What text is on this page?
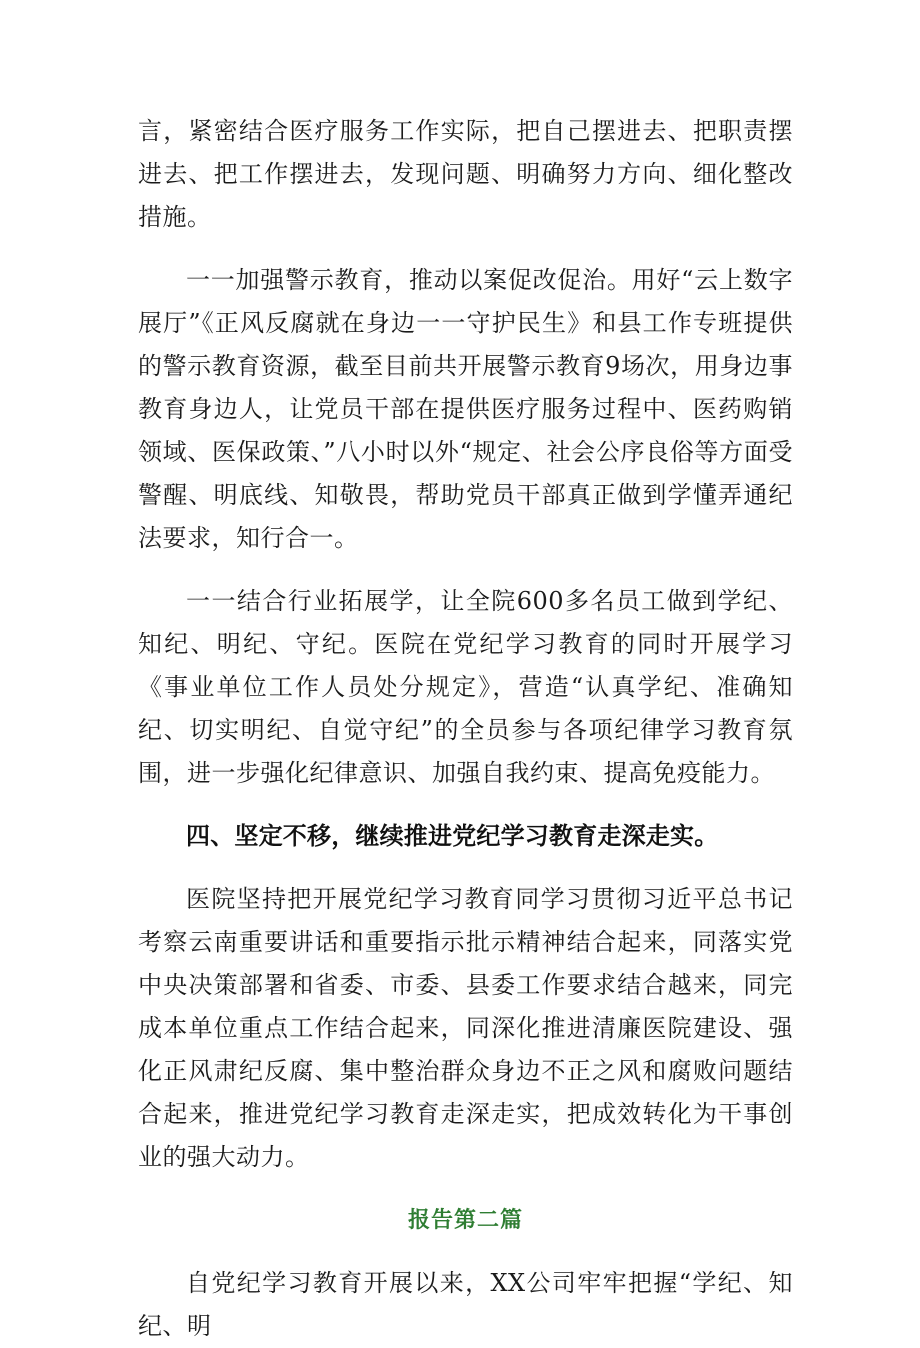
言，紧密结合医疗服务工作实际，把自己摆进去、把职责摆进去、把工作摆进去，发现问题、明确努力方向、细化整改措施。

一一加强警示教育，推动以案促改促治。用好“云上数字展厅”《正风反腐就在身边一一守护民生》和县工作专班提供的警示教育资源，截至目前共开展警示教育9场次，用身边事教育身边人，让党员干部在提供医疗服务过程中、医药购销领域、医保政策、”八小时以外“规定、社会公序良俗等方面受警醒、明底线、知敬畏，帮助党员干部真正做到学懂弄通纪法要求，知行合一。

一一结合行业拓展学，让全院600多名员工做到学纪、知纪、明纪、守纪。医院在党纪学习教育的同时开展学习《事业单位工作人员处分规定》，营造“认真学纪、准确知纪、切实明纪、自觉守纪”的全员参与各项纪律学习教育氛围，进一步强化纪律意识、加强自我约束、提高免疫能力。

四、坚定不移，继续推进党纪学习教育走深走实。

医院坚持把开展党纪学习教育同学习贯彻习近平总书记考察云南重要讲话和重要指示批示精神结合起来，同落实党中央决策部署和省委、市委、县委工作要求结合越来，同完成本单位重点工作结合起来，同深化推进清廉医院建设、强化正风肃纪反腐、集中整治群众身边不正之风和腐败问题结合起来，推进党纪学习教育走深走实，把成效转化为干事创业的强大动力。

报告第二篇

自党纪学习教育开展以来，XX公司牢牢把握“学纪、知纪、明
